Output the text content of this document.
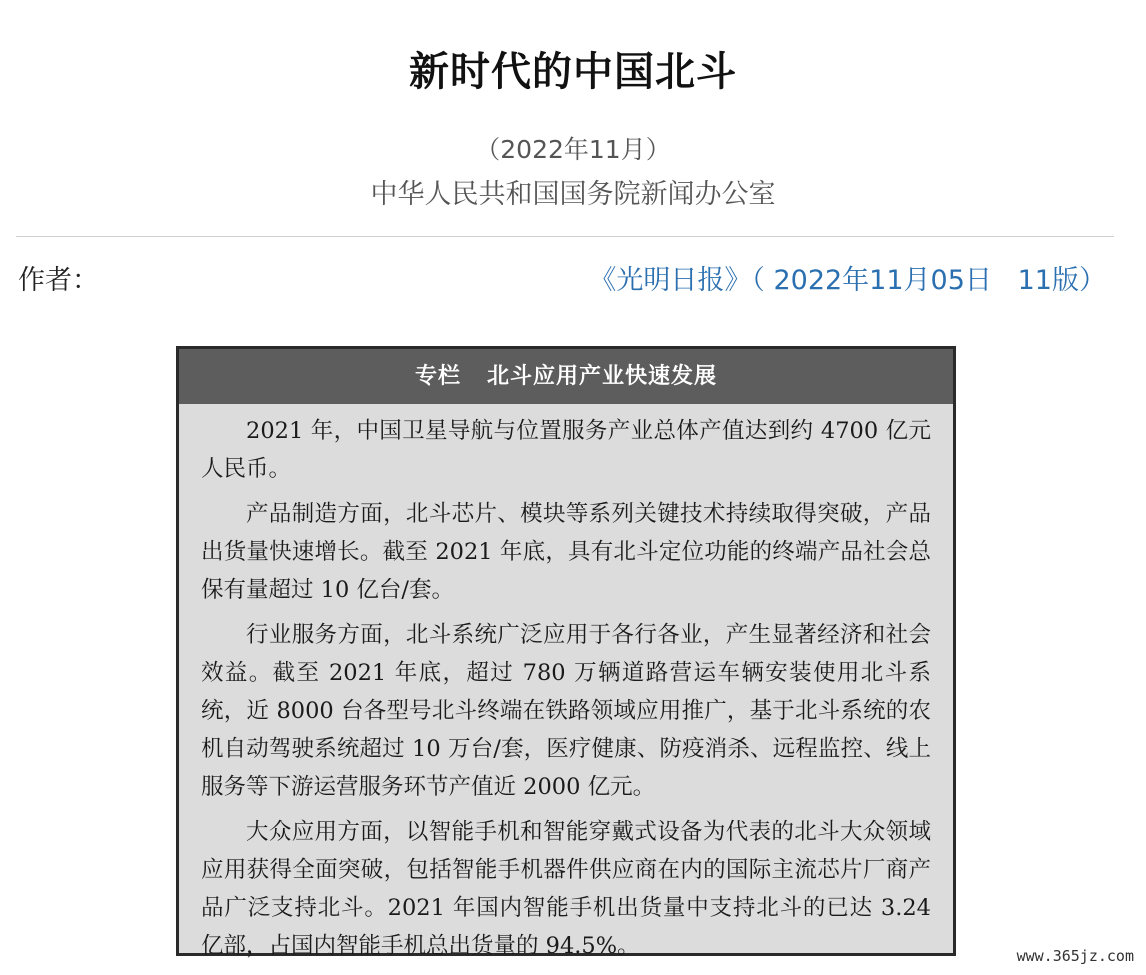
新时代的中国北斗
（2022年11月）
中华人民共和国国务院新闻办公室
作者：	《光明日报》（ 2022年11月05日   11版）
专栏   北斗应用产业快速发展

2021 年，中国卫星导航与位置服务产业总体产值达到约 4700 亿元人民币。

产品制造方面，北斗芯片、模块等系列关键技术持续取得突破，产品出货量快速增长。截至 2021 年底，具有北斗定位功能的终端产品社会总保有量超过 10 亿台/套。

行业服务方面，北斗系统广泛应用于各行各业，产生显著经济和社会效益。截至 2021 年底，超过 780 万辆道路营运车辆安装使用北斗系统，近 8000 台各型号北斗终端在铁路领域应用推广，基于北斗系统的农机自动驾驶系统超过 10 万台/套，医疗健康、防疫消杀、远程监控、线上服务等下游运营服务环节产值近 2000 亿元。

大众应用方面，以智能手机和智能穿戴式设备为代表的北斗大众领域应用获得全面突破，包括智能手机器件供应商在内的国际主流芯片厂商产品广泛支持北斗。2021 年国内智能手机出货量中支持北斗的已达 3.24 亿部，占国内智能手机总出货量的 94.5%。	www.365jz.com
